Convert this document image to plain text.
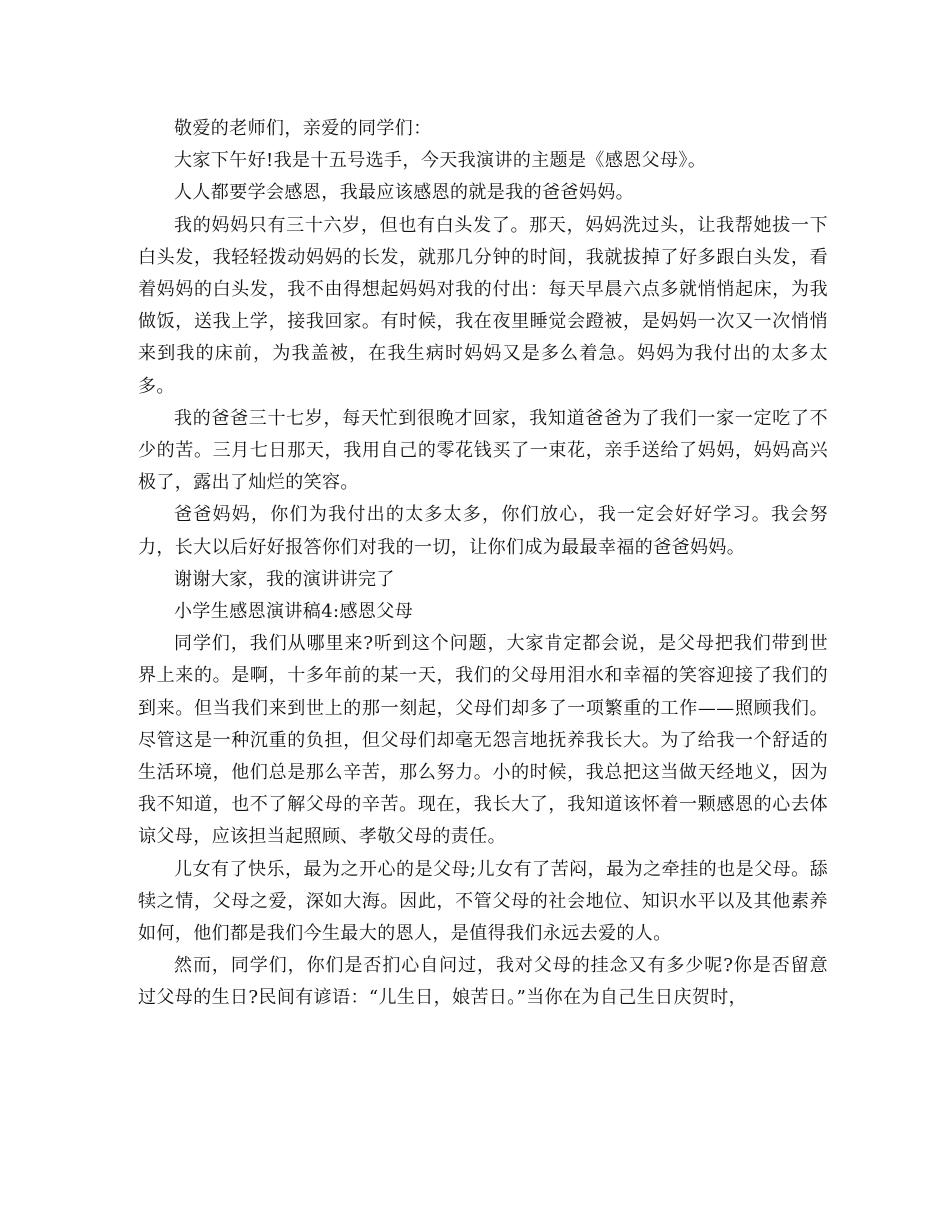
敬爱的老师们，亲爱的同学们：

大家下午好!我是十五号选手，今天我演讲的主题是《感恩父母》。

人人都要学会感恩，我最应该感恩的就是我的爸爸妈妈。

我的妈妈只有三十六岁，但也有白头发了。那天，妈妈洗过头，让我帮她拔一下白头发，我轻轻拨动妈妈的长发，就那几分钟的时间，我就拔掉了好多跟白头发，看着妈妈的白头发，我不由得想起妈妈对我的付出：每天早晨六点多就悄悄起床，为我做饭，送我上学，接我回家。有时候，我在夜里睡觉会蹬被，是妈妈一次又一次悄悄来到我的床前，为我盖被，在我生病时妈妈又是多么着急。妈妈为我付出的太多太多。

我的爸爸三十七岁，每天忙到很晚才回家，我知道爸爸为了我们一家一定吃了不少的苦。三月七日那天，我用自己的零花钱买了一束花，亲手送给了妈妈，妈妈高兴极了，露出了灿烂的笑容。

爸爸妈妈，你们为我付出的太多太多，你们放心，我一定会好好学习。我会努力，长大以后好好报答你们对我的一切，让你们成为最最幸福的爸爸妈妈。

谢谢大家，我的演讲讲完了

小学生感恩演讲稿4:感恩父母

同学们，我们从哪里来?听到这个问题，大家肯定都会说，是父母把我们带到世界上来的。是啊，十多年前的某一天，我们的父母用泪水和幸福的笑容迎接了我们的到来。但当我们来到世上的那一刻起，父母们却多了一项繁重的工作——照顾我们。尽管这是一种沉重的负担，但父母们却毫无怨言地抚养我长大。为了给我一个舒适的生活环境，他们总是那么辛苦，那么努力。小的时候，我总把这当做天经地义，因为我不知道，也不了解父母的辛苦。现在，我长大了，我知道该怀着一颗感恩的心去体谅父母，应该担当起照顾、孝敬父母的责任。

儿女有了快乐，最为之开心的是父母;儿女有了苦闷，最为之牵挂的也是父母。舔犊之情，父母之爱，深如大海。因此，不管父母的社会地位、知识水平以及其他素养如何，他们都是我们今生最大的恩人，是值得我们永远去爱的人。

然而，同学们，你们是否扪心自问过，我对父母的挂念又有多少呢?你是否留意过父母的生日?民间有谚语：“儿生日，娘苦日。”当你在为自己生日庆贺时，
